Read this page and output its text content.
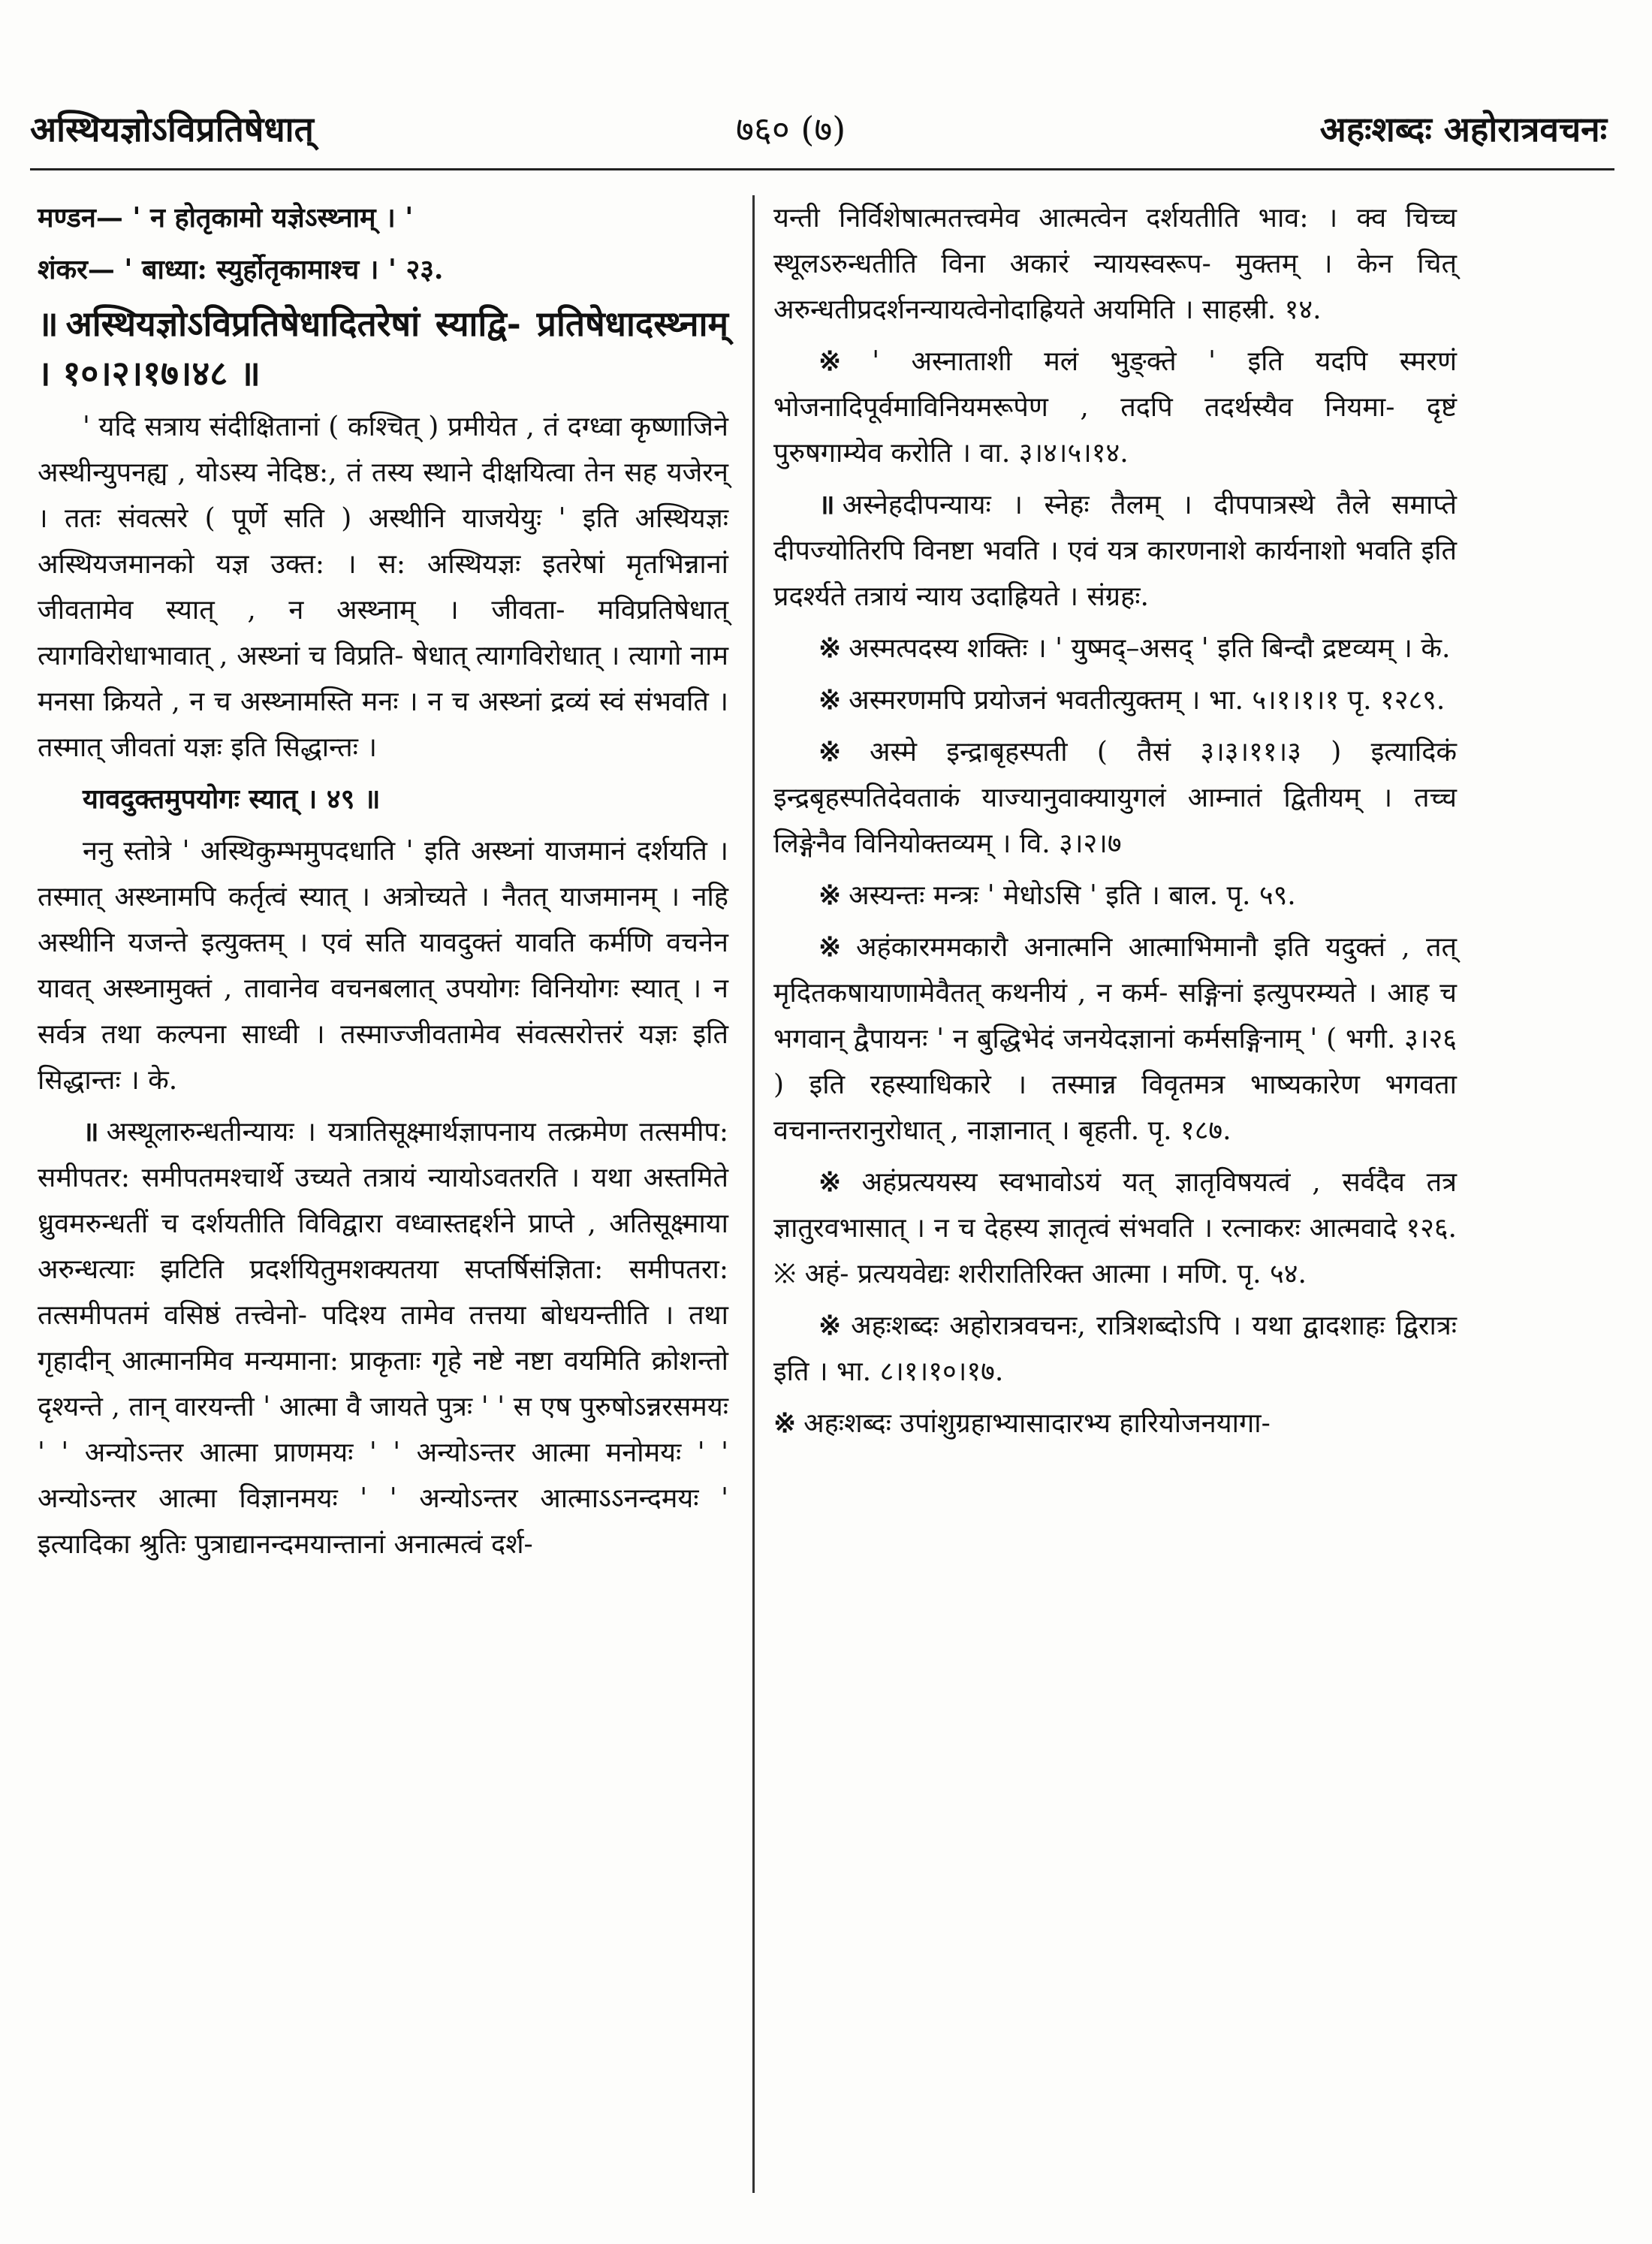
अस्थियज्ञोऽविप्रतिषेधात्	७६० (७)	अहःशब्दः अहोरात्रवचनः

मण्डन— ' न होतृकामो यज्ञेऽस्थ्नाम् । '

शंकर— ' बाध्या: स्युर्होतृकामाश्च । ' २३.

॥ अस्थियज्ञोऽविप्रतिषेधादितरेषां स्याद्वि- प्रतिषेधादस्थ्नाम् । १०।२।१७।४८ ॥

' यदि सत्राय संदीक्षितानां ( कश्चित् ) प्रमीयेत , तं दग्ध्वा कृष्णाजिने अस्थीन्युपनह्य , योऽस्य नेदिष्ठ:, तं तस्य स्थाने दीक्षयित्वा तेन सह यजेरन् । ततः संवत्सरे ( पूर्णे सति ) अस्थीनि याजयेयुः ' इति अस्थियज्ञः अस्थियजमानको यज्ञ उक्त: । स: अस्थियज्ञः इतरेषां मृतभिन्नानां जीवतामेव स्यात् , न अस्थ्नाम् । जीवता- मविप्रतिषेधात् त्यागविरोधाभावात् , अस्थ्नां च विप्रति- षेधात् त्यागविरोधात् । त्यागो नाम मनसा क्रियते , न च अस्थ्नामस्ति मनः । न च अस्थ्नां द्रव्यं स्वं संभवति । तस्मात् जीवतां यज्ञः इति सिद्धान्तः ।

यावदुक्तमुपयोगः स्यात् । ४९ ॥

ननु स्तोत्रे ' अस्थिकुम्भमुपदधाति ' इति अस्थ्नां याजमानं दर्शयति । तस्मात् अस्थ्नामपि कर्तृत्वं स्यात् । अत्रोच्यते । नैतत् याजमानम् । नहि अस्थीनि यजन्ते इत्युक्तम् । एवं सति यावदुक्तं यावति कर्मणि वचनेन यावत् अस्थ्नामुक्तं , तावानेव वचनबलात् उपयोगः विनियोगः स्यात् । न सर्वत्र तथा कल्पना साध्वी । तस्माज्जीवतामेव संवत्सरोत्तरं यज्ञः इति सिद्धान्तः । के.

॥ अस्थूलारुन्धतीन्यायः । यत्रातिसूक्ष्मार्थज्ञापनाय तत्क्रमेण तत्समीप: समीपतर: समीपतमश्चार्थे उच्यते तत्रायं न्यायोऽवतरति । यथा अस्तमिते ध्रुवमरुन्धतीं च दर्शयतीति विविद्वारा वध्वास्तद्दर्शने प्राप्ते , अतिसूक्ष्माया अरुन्धत्याः झटिति प्रदर्शयितुमशक्यतया सप्तर्षिसंज्ञिता: समीपतरा: तत्समीपतमं वसिष्ठं तत्त्वेनो- पदिश्य तामेव तत्तया बोधयन्तीति । तथा गृहादीन् आत्मानमिव मन्यमाना: प्राकृताः गृहे नष्टे नष्टा वयमिति क्रोशन्तो दृश्यन्ते , तान् वारयन्ती ' आत्मा वै जायते पुत्रः ' ' स एष पुरुषोऽन्नरसमयः ' ' अन्योऽन्तर आत्मा प्राणमयः ' ' अन्योऽन्तर आत्मा मनोमयः ' ' अन्योऽन्तर आत्मा विज्ञानमयः ' ' अन्योऽन्तर आत्माऽऽनन्दमयः ' इत्यादिका श्रुतिः पुत्राद्यानन्दमयान्तानां अनात्मत्वं दर्श-

यन्ती निर्विशेषात्मतत्त्वमेव आत्मत्वेन दर्शयतीति भाव: । क्व चिच्च स्थूलऽरुन्धतीति विना अकारं न्यायस्वरूप- मुक्तम् । केन चित् अरुन्धतीप्रदर्शनन्यायत्वेनोदाह्रियते अयमिति । साहस्री. १४.

※ ' अस्नाताशी मलं भुङ्क्ते ' इति यदपि स्मरणं भोजनादिपूर्वमाविनियमरूपेण , तदपि तदर्थस्यैव नियमा- दृष्टं पुरुषगाम्येव करोति । वा. ३।४।५।१४.

॥ अस्नेहदीपन्यायः । स्नेहः तैलम् । दीपपात्रस्थे तैले समाप्ते दीपज्योतिरपि विनष्टा भवति । एवं यत्र कारणनाशे कार्यनाशो भवति इति प्रदर्श्यते तत्रायं न्याय उदाह्रियते । संग्रहः.

※ अस्मत्पदस्य शक्तिः । ' युष्मद्–असद् ' इति बिन्दौ द्रष्टव्यम् । के.

※ अस्मरणमपि प्रयोजनं भवतीत्युक्तम् । भा. ५।१।१।१ पृ. १२८९.

※ अस्मे इन्द्राबृहस्पती ( तैसं ३।३।११।३ ) इत्यादिकं इन्द्रबृहस्पतिदेवताकं याज्यानुवाक्यायुगलं आम्नातं द्वितीयम् । तच्च लिङ्गेनैव विनियोक्तव्यम् । वि. ३।२।७

※ अस्यन्तः मन्त्रः ' मेधोऽसि ' इति । बाल. पृ. ५९.

※ अहंकारममकारौ अनात्मनि आत्माभिमानौ इति यदुक्तं , तत् मृदितकषायाणामेवैतत् कथनीयं , न कर्म- सङ्गिनां इत्युपरम्यते । आह च भगवान् द्वैपायनः ' न बुद्धिभेदं जनयेदज्ञानां कर्मसङ्गिनाम् ' ( भगी. ३।२६ ) इति रहस्याधिकारे । तस्मान्न विवृतमत्र भाष्यकारेण भगवता वचनान्तरानुरोधात् , नाज्ञानात् । बृहती. पृ. १८७.

※ अहंप्रत्ययस्य स्वभावोऽयं यत् ज्ञातृविषयत्वं , सर्वदैव तत्र ज्ञातुरवभासात् । न च देहस्य ज्ञातृत्वं संभवति । रत्नाकरः आत्मवादे १२६. ※ अहं- प्रत्ययवेद्यः शरीरातिरिक्त आत्मा । मणि. पृ. ५४.

※ अहःशब्दः अहोरात्रवचनः, रात्रिशब्दोऽपि । यथा द्वादशाहः द्विरात्रः इति । भा. ८।१।१०।१७.

※ अहःशब्दः उपांशुग्रहाभ्यासादारभ्य हारियोजनयागा-
